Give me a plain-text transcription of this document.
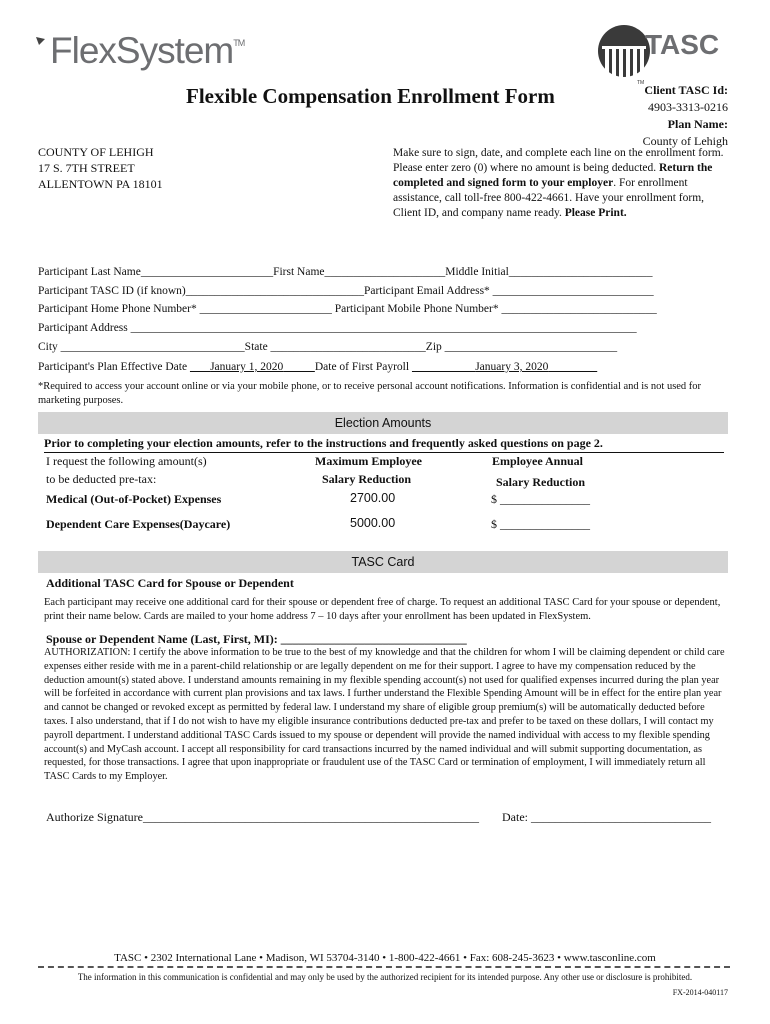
FlexSystem™	TASC
TM
Flexible Compensation Enrollment Form	Client TASC Id:
4903-3313-0216
Plan Name:
County of Lehigh
COUNTY OF LEHIGH
17 S. 7TH STREET
ALLENTOWN PA 18101
Make sure to sign, date, and complete each line on the enrollment form. Please enter zero (0) where no amount is being deducted. Return the completed and signed form to your employer. For enrollment assistance, call toll-free 800-422-4661. Have your enrollment form, Client ID, and company name ready. Please Print.
Participant Last Name_______________________First Name_____________________Middle Initial_________________________
Participant TASC ID (if known)_______________________________Participant Email Address* ____________________________
Participant Home Phone Number* _______________________ Participant Mobile Phone Number* ___________________________
Participant Address ________________________________________________________________________________________
City ________________________________State ___________________________Zip ______________________________
Participant's Plan Effective Date January 1, 2020	Date of First Payroll	January 3, 2020
*Required to access your account online or via your mobile phone, or to receive personal account notifications. Information is confidential and is not used for marketing purposes.
Election Amounts
Prior to completing your election amounts, refer to the instructions and frequently asked questions on page 2.
I request the following amount(s)
to be deducted pre-tax:
Maximum Employee
Salary Reduction
Employee Annual
Salary Reduction
Medical (Out-of-Pocket) Expenses	2700.00	$ _______________
Dependent Care Expenses(Daycare)	5000.00	$ _______________
TASC Card
Additional TASC Card for Spouse or Dependent
Each participant may receive one additional card for their spouse or dependent free of charge. To request an additional TASC Card for your spouse or dependent, print their name below. Cards are mailed to your home address 7 – 10 days after your enrollment has been updated in FlexSystem.
Spouse or Dependent Name (Last, First, MI): _______________________________
AUTHORIZATION: I certify the above information to be true to the best of my knowledge and that the children for whom I will be claiming dependent or child care expenses either reside with me in a parent-child relationship or are legally dependent on me for their support. I agree to have my compensation reduced by the deduction amount(s) stated above. I understand amounts remaining in my flexible spending account(s) not used for qualified expenses incurred during the plan year will be forfeited in accordance with current plan provisions and tax laws. I further understand the Flexible Spending Amount will be in effect for the entire plan year and cannot be changed or revoked except as permitted by federal law. I understand my share of eligible group premium(s) will be automatically deducted before taxes. I also understand, that if I do not wish to have my eligible insurance contributions deducted pre-tax and prefer to be taxed on these dollars, I will contact my payroll department. I understand additional TASC Cards issued to my spouse or dependent will provide the named individual with access to my flexible spending account(s) and MyCash account. I accept all responsibility for card transactions incurred by the named individual and will submit supporting documentation, as requested, for those transactions. I agree that upon inappropriate or fraudulent use of the TASC Card or termination of employment, I will immediately return all TASC Cards to my Employer.
Authorize Signature________________________________________________________ Date: ______________________________
TASC • 2302 International Lane • Madison, WI 53704-3140 • 1-800-422-4661 • Fax: 608-245-3623 • www.tasconline.com
The information in this communication is confidential and may only be used by the authorized recipient for its intended purpose. Any other use or disclosure is prohibited.
FX-2014-040117
